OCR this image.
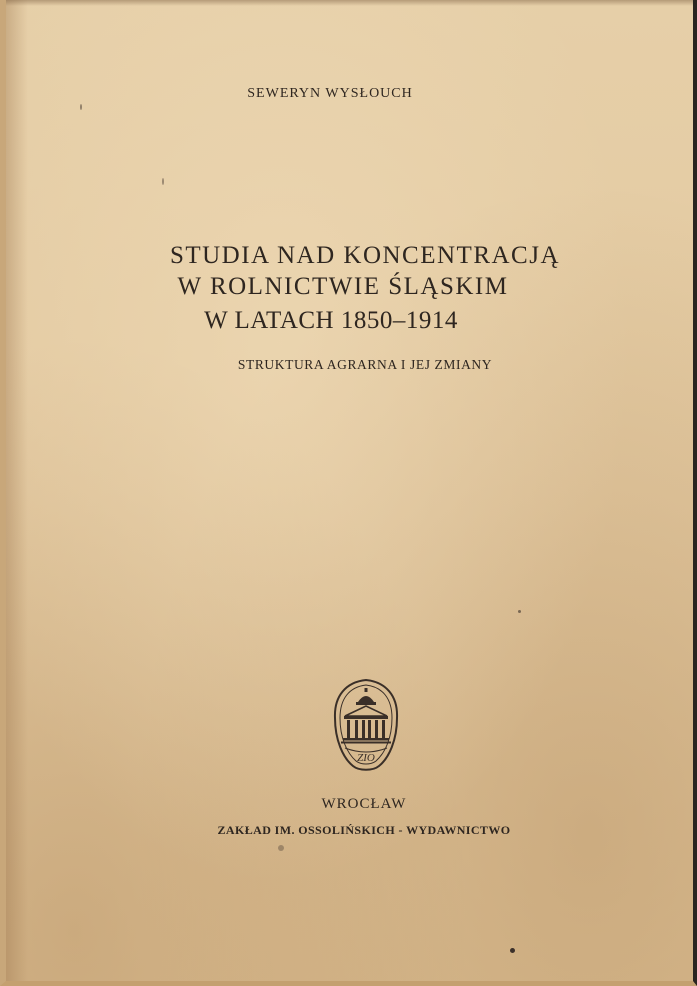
SEWERYN WYSŁOUCH
STUDIA NAD KONCENTRACJĄ
W ROLNICTWIE ŚLĄSKIM
W LATACH 1850–1914
STRUKTURA AGRARNA I JEJ ZMIANY
ZIO
WROCŁAW
ZAKŁAD IM. OSSOLIŃSKICH - WYDAWNICTWO
